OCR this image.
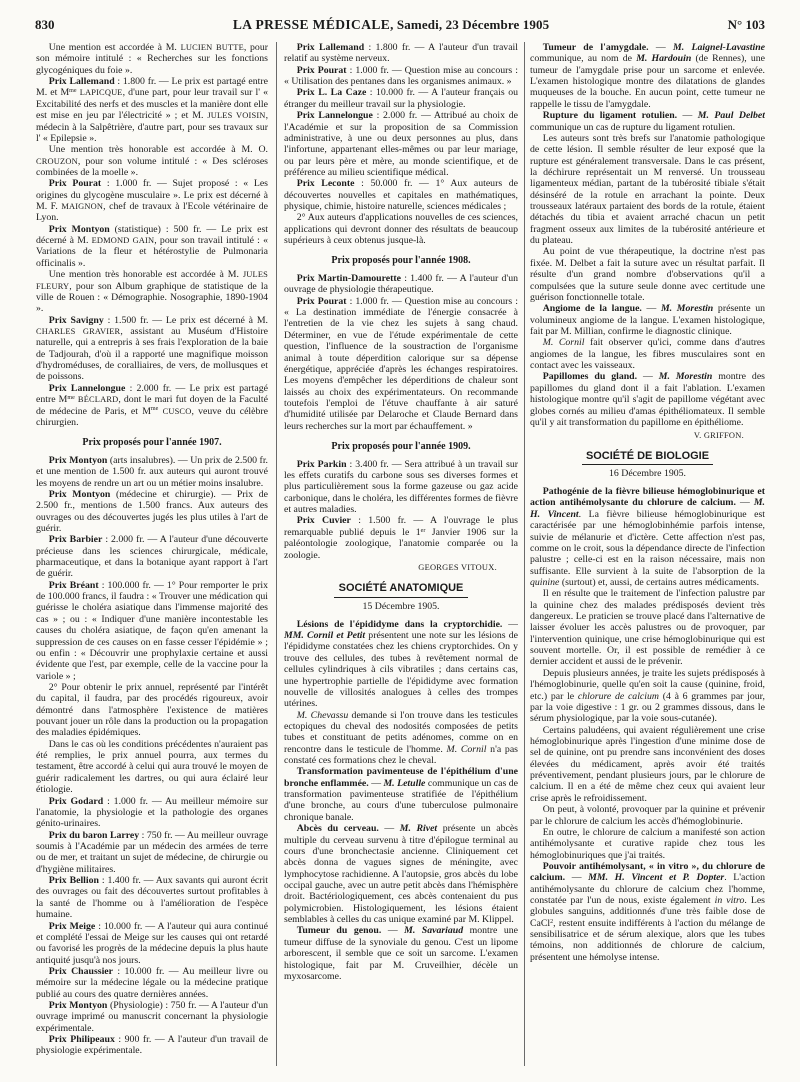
830	LA PRESSE MÉDICALE, Samedi, 23 Décembre 1905	N° 103

Une mention est accordée à M. LUCIEN BUTTE, pour son mémoire intitulé : « Recherches sur les fonctions glycogéniques du foie ».

Prix Lallemand : 1.800 fr. — Le prix est partagé entre M. et $M^{me}$ LAPICQUE, d'une part, pour leur travail sur l' « Excitabilité des nerfs et des muscles et la manière dont elle est mise en jeu par l'électricité » ; et M. JULES VOISIN, médecin à la Salpêtrière, d'autre part, pour ses travaux sur l' « Epilepsie ».

Une mention très honorable est accordée à M. O. CROUZON, pour son volume intitulé : « Des scléroses combinées de la moelle ».

Prix Pourat : 1.000 fr. — Sujet proposé : « Les origines du glycogène musculaire ». Le prix est décerné à M. F. MAIGNON, chef de travaux à l'Ecole vétérinaire de Lyon.

Prix Montyon (statistique) : 500 fr. — Le prix est décerné à M. EDMOND GAIN, pour son travail intitulé : « Variations de la fleur et hétérostylie de Pulmonaria officinalis ».

Une mention très honorable est accordée à M. JULES FLEURY, pour son Album graphique de statistique de la ville de Rouen : « Démographie. Nosographie, 1890-1904 ».

Prix Savigny : 1.500 fr. — Le prix est décerné à M. CHARLES GRAVIER, assistant au Muséum d'Histoire naturelle, qui a entrepris à ses frais l'exploration de la baie de Tadjourah, d'où il a rapporté une magnifique moisson d'hydroméduses, de coralliaires, de vers, de mollusques et de poissons.

Prix Lannelongue : 2.000 fr. — Le prix est partagé entre $M^{me}$ BÉCLARD, dont le mari fut doyen de la Faculté de médecine de Paris, et $M^{me}$ CUSCO, veuve du célèbre chirurgien.

Prix proposés pour l'année 1907.

Prix Montyon (arts insalubres). — Un prix de 2.500 fr. et une mention de 1.500 fr. aux auteurs qui auront trouvé les moyens de rendre un art ou un métier moins insalubre.

Prix Montyon (médecine et chirurgie). — Prix de 2.500 fr., mentions de 1.500 francs. Aux auteurs des ouvrages ou des découvertes jugés les plus utiles à l'art de guérir.

Prix Barbier : 2.000 fr. — A l'auteur d'une découverte précieuse dans les sciences chirurgicale, médicale, pharmaceutique, et dans la botanique ayant rapport à l'art de guérir.

Prix Bréant : 100.000 fr. — 1° Pour remporter le prix de 100.000 francs, il faudra : « Trouver une médication qui guérisse le choléra asiatique dans l'immense majorité des cas » ; ou : « Indiquer d'une manière incontestable les causes du choléra asiatique, de façon qu'en amenant la suppression de ces causes on en fasse cesser l'épidémie » ; ou enfin : « Découvrir une prophylaxie certaine et aussi évidente que l'est, par exemple, celle de la vaccine pour la variole » ;

2° Pour obtenir le prix annuel, représenté par l'intérêt du capital, il faudra, par des procédés rigoureux, avoir démontré dans l'atmosphère l'existence de matières pouvant jouer un rôle dans la production ou la propagation des maladies épidémiques.

Dans le cas où les conditions précédentes n'auraient pas été remplies, le prix annuel pourra, aux termes du testament, être accordé à celui qui aura trouvé le moyen de guérir radicalement les dartres, ou qui aura éclairé leur étiologie.

Prix Godard : 1.000 fr. — Au meilleur mémoire sur l'anatomie, la physiologie et la pathologie des organes génito-urinaires.

Prix du baron Larrey : 750 fr. — Au meilleur ouvrage soumis à l'Académie par un médecin des armées de terre ou de mer, et traitant un sujet de médecine, de chirurgie ou d'hygiène militaires.

Prix Bellion : 1.400 fr. — Aux savants qui auront écrit des ouvrages ou fait des découvertes surtout profitables à la santé de l'homme ou à l'amélioration de l'espèce humaine.

Prix Meige : 10.000 fr. — A l'auteur qui aura continué et complété l'essai de Meige sur les causes qui ont retardé ou favorisé les progrès de la médecine depuis la plus haute antiquité jusqu'à nos jours.

Prix Chaussier : 10.000 fr. — Au meilleur livre ou mémoire sur la médecine légale ou la médecine pratique publié au cours des quatre dernières années.

Prix Montyon (Physiologie) : 750 fr. — A l'auteur d'un ouvrage imprimé ou manuscrit concernant la physiologie expérimentale.

Prix Philipeaux : 900 fr. — A l'auteur d'un travail de physiologie expérimentale.

Prix Lallemand : 1.800 fr. — A l'auteur d'un travail relatif au système nerveux.

Prix Pourat : 1.000 fr. — Question mise au concours : « Utilisation des pentanes dans les organismes animaux. »

Prix L. La Caze : 10.000 fr. — A l'auteur français ou étranger du meilleur travail sur la physiologie.

Prix Lannelongue : 2.000 fr. — Attribué au choix de l'Académie et sur la proposition de sa Commission administrative, à une ou deux personnes au plus, dans l'infortune, appartenant elles-mêmes ou par leur mariage, ou par leurs père et mère, au monde scientifique, et de préférence au milieu scientifique médical.

Prix Leconte : 50.000 fr. — 1° Aux auteurs de découvertes nouvelles et capitales en mathématiques, physique, chimie, histoire naturelle, sciences médicales ;

2° Aux auteurs d'applications nouvelles de ces sciences, applications qui devront donner des résultats de beaucoup supérieurs à ceux obtenus jusque-là.

Prix proposés pour l'année 1908.

Prix Martin-Damourette : 1.400 fr. — A l'auteur d'un ouvrage de physiologie thérapeutique.

Prix Pourat : 1.000 fr. — Question mise au concours : « La destination immédiate de l'énergie consacrée à l'entretien de la vie chez les sujets à sang chaud. Déterminer, en vue de l'étude expérimentale de cette question, l'influence de la soustraction de l'organisme animal à toute déperdition calorique sur sa dépense énergétique, appréciée d'après les échanges respiratoires. Les moyens d'empêcher les déperditions de chaleur sont laissés au choix des expérimentateurs. On recommande toutefois l'emploi de l'étuve chauffante à air saturé d'humidité utilisée par Delaroche et Claude Bernard dans leurs recherches sur la mort par échauffement. »

Prix proposés pour l'année 1909.

Prix Parkin : 3.400 fr. — Sera attribué à un travail sur les effets curatifs du carbone sous ses diverses formes et plus particulièrement sous la forme gazeuse ou gaz acide carbonique, dans le choléra, les différentes formes de fièvre et autres maladies.

Prix Cuvier : 1.500 fr. — A l'ouvrage le plus remarquable publié depuis le 1er Janvier 1906 sur la paléontologie zoologique, l'anatomie comparée ou la zoologie.

GEORGES VITOUX.
SOCIÉTÉ ANATOMIQUE
15 Décembre 1905.

Lésions de l'épididyme dans la cryptorchidie. — MM. Cornil et Petit présentent une note sur les lésions de l'épididyme constatées chez les chiens cryptorchides. On y trouve des cellules, des tubes à revêtement normal de cellules cylindriques à cils vibratiles ; dans certains cas, une hypertrophie partielle de l'épididyme avec formation nouvelle de villosités analogues à celles des trompes utérines.

M. Chevassu demande si l'on trouve dans les testicules ectopiques du cheval des nodosités composées de petits tubes et constituant de petits adénomes, comme on en rencontre dans le testicule de l'homme. M. Cornil n'a pas constaté ces formations chez le cheval.

Transformation pavimenteuse de l'épithélium d'une bronche enflammée. — M. Letulle communique un cas de transformation pavimenteuse stratifiée de l'épithélium d'une bronche, au cours d'une tuberculose pulmonaire chronique banale.

Abcès du cerveau. — M. Rivet présente un abcès multiple du cerveau survenu à titre d'épilogue terminal au cours d'une bronchectasie ancienne. Cliniquement cet abcès donna de vagues signes de méningite, avec lymphocytose rachidienne. A l'autopsie, gros abcès du lobe occipal gauche, avec un autre petit abcès dans l'hémisphère droit. Bactériologiquement, ces abcès contenaient du pus polymicrobien. Histologiquement, les lésions étaient semblables à celles du cas unique examiné par M. Klippel.

Tumeur du genou. — M. Savariaud montre une tumeur diffuse de la synoviale du genou. C'est un lipome arborescent, il semble que ce soit un sarcome. L'examen histologique, fait par M. Cruveilhier, décèle un myxosarcome.

Tumeur de l'amygdale. — M. Laignel-Lavastine communique, au nom de M. Hardouin (de Rennes), une tumeur de l'amygdale prise pour un sarcome et enlevée. L'examen histologique montre des dilatations de glandes muqueuses de la bouche. En aucun point, cette tumeur ne rappelle le tissu de l'amygdale.

Rupture du ligament rotulien. — M. Paul Delbet communique un cas de rupture du ligament rotulien.

Les auteurs sont très brefs sur l'anatomie pathologique de cette lésion. Il semble résulter de leur exposé que la rupture est généralement transversale. Dans le cas présent, la déchirure représentait un M renversé. Un trousseau ligamenteux médian, partant de la tubérosité tibiale s'était désinséré de la rotule en arrachant la pointe. Deux trousseaux latéraux partaient des bords de la rotule, étaient détachés du tibia et avaient arraché chacun un petit fragment osseux aux limites de la tubérosité antérieure et du plateau.

Au point de vue thérapeutique, la doctrine n'est pas fixée. M. Delbet a fait la suture avec un résultat parfait. Il résulte d'un grand nombre d'observations qu'il a compulsées que la suture seule donne avec certitude une guérison fonctionnelle totale.

Angiome de la langue. — M. Morestin présente un volumineux angiome de la langue. L'examen histologique, fait par M. Millian, confirme le diagnostic clinique.

M. Cornil fait observer qu'ici, comme dans d'autres angiomes de la langue, les fibres musculaires sont en contact avec les vaisseaux.

Papillomes du gland. — M. Morestin montre des papillomes du gland dont il a fait l'ablation. L'examen histologique montre qu'il s'agit de papillome végétant avec globes cornés au milieu d'amas épithéliomateux. Il semble qu'il y ait transformation du papillome en épithéliome.

V. GRIFFON.
SOCIÉTÉ DE BIOLOGIE
16 Décembre 1905.

Pathogénie de la fièvre bilieuse hémoglobinurique et action antihémolysante du chlorure de calcium. — M. H. Vincent. La fièvre bilieuse hémoglobinurique est caractérisée par une hémoglobinhémie parfois intense, suivie de mélanurie et d'ictère. Cette affection n'est pas, comme on le croit, sous la dépendance directe de l'infection palustre ; celle-ci est en la raison nécessaire, mais non suffisante. Elle survient à la suite de l'absorption de la quinine (surtout) et, aussi, de certains autres médicaments.

Il en résulte que le traitement de l'infection palustre par la quinine chez des malades prédisposés devient très dangereux. Le praticien se trouve placé dans l'alternative de laisser évoluer les accès palustres ou de provoquer, par l'intervention quinique, une crise hémoglobinurique qui est souvent mortelle. Or, il est possible de remédier à ce dernier accident et aussi de le prévenir.

Depuis plusieurs années, je traite les sujets prédisposés à l'hémoglobinurie, quelle qu'en soit la cause (quinine, froid, etc.) par le chlorure de calcium (4 à 6 grammes par jour, par la voie digestive : 1 gr. ou 2 grammes dissous, dans le sérum physiologique, par la voie sous-cutanée).

Certains paludéens, qui avaient régulièrement une crise hémoglobinurique après l'ingestion d'une minime dose de sel de quinine, ont pu prendre sans inconvénient des doses élevées du médicament, après avoir été traités préventivement, pendant plusieurs jours, par le chlorure de calcium. Il en a été de même chez ceux qui avaient leur crise après le refroidissement.

On peut, à volonté, provoquer par la quinine et prévenir par le chlorure de calcium les accès d'hémoglobinurie.

En outre, le chlorure de calcium a manifesté son action antihémolysante et curative rapide chez tous les hémoglobinuriques que j'ai traités.

Pouvoir antihémolysant, « in vitro », du chlorure de calcium. — MM. H. Vincent et P. Dopter. L'action antihémolysante du chlorure de calcium chez l'homme, constatée par l'un de nous, existe également in vitro. Les globules sanguins, additionnés d'une très faible dose de CaCl$^2$, restent ensuite indifférents à l'action du mélange de sensibilisatrice et de sérum alexique, alors que les tubes témoins, non additionnés de chlorure de calcium, présentent une hémolyse intense.
